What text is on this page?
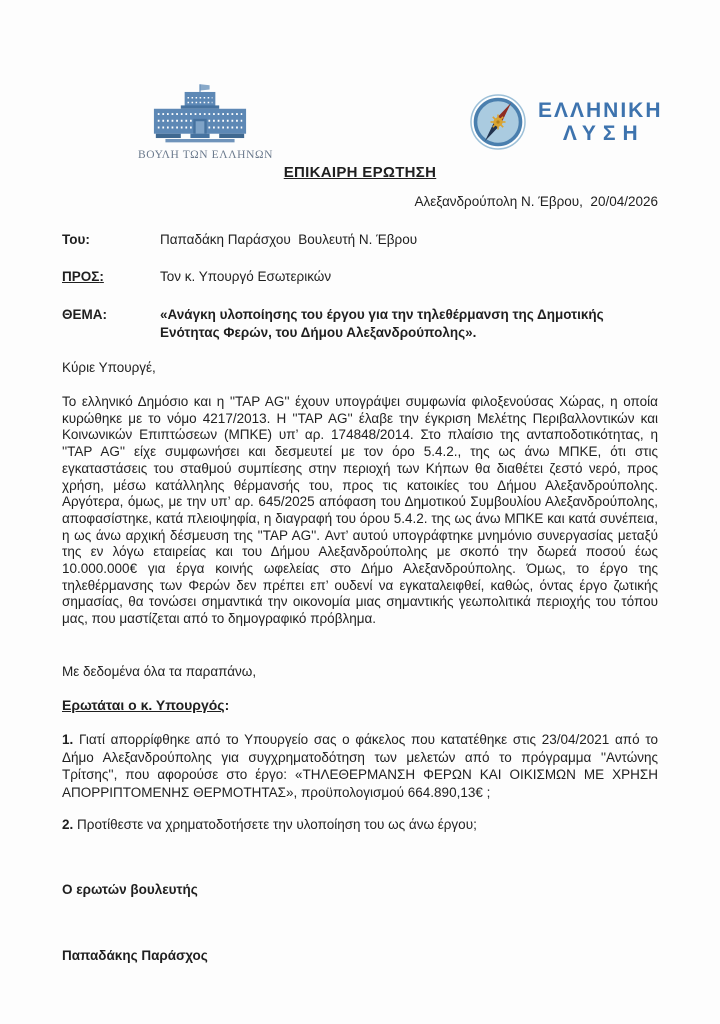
ΒΟΥΛΗ ΤΩΝ ΕΛΛΗΝΩΝ
ΕΛΛΗΝΙΚΗ
ΛΥΣΗ
ΕΠΙΚΑΙΡΗ ΕΡΩΤΗΣΗ
Αλεξανδρούπολη Ν. Έβρου,  20/04/2026
Του:	Παπαδάκη Παράσχου  Βουλευτή Ν. Έβρου
ΠΡΟΣ:	Τον κ. Υπουργό Εσωτερικών
ΘΕΜΑ:	«Ανάγκη υλοποίησης του έργου για την τηλεθέρμανση της Δημοτικής Ενότητας Φερών, του Δήμου Αλεξανδρούπολης».
Κύριε Υπουργέ,

Το ελληνικό Δημόσιο και η ''TAP AG'' έχουν υπογράψει συμφωνία φιλοξενούσας Χώρας, η οποία κυρώθηκε με το νόμο 4217/2013. Η ''TAP AG'' έλαβε την έγκριση Μελέτης Περιβαλλοντικών και Κοινωνικών Επιπτώσεων (ΜΠΚΕ) υπ’ αρ. 174848/2014. Στο πλαίσιο της ανταποδοτικότητας, η ''TAP AG'' είχε συμφωνήσει και δεσμευτεί με τον όρο 5.4.2., της ως άνω ΜΠΚΕ, ότι στις εγκαταστάσεις του σταθμού συμπίεσης στην περιοχή των Κήπων θα διαθέτει ζεστό νερό, προς χρήση, μέσω κατάλληλης θέρμανσής του, προς τις κατοικίες του Δήμου Αλεξανδρούπολης. Αργότερα, όμως, με την υπ’ αρ. 645/2025 απόφαση του Δημοτικού Συμβουλίου Αλεξανδρούπολης, αποφασίστηκε, κατά πλειοψηφία, η διαγραφή του όρου 5.4.2. της ως άνω ΜΠΚΕ και κατά συνέπεια, η ως άνω αρχική δέσμευση της ''TAP AG''. Αντ’ αυτού υπογράφτηκε μνημόνιο συνεργασίας μεταξύ της εν λόγω εταιρείας και του Δήμου Αλεξανδρούπολης με σκοπό την δωρεά ποσού έως 10.000.000€ για έργα κοινής ωφελείας στο Δήμο Αλεξανδρούπολης. Όμως, το έργο της τηλεθέρμανσης των Φερών δεν πρέπει επ’ ουδενί να εγκαταλειφθεί, καθώς, όντας έργο ζωτικής σημασίας, θα τονώσει σημαντικά την οικονομία μιας σημαντικής γεωπολιτικά περιοχής του τόπου μας, που μαστίζεται από το δημογραφικό πρόβλημα.

Με δεδομένα όλα τα παραπάνω,
Ερωτάται ο κ. Υπουργός:

1. Γιατί απορρίφθηκε από το Υπουργείο σας ο φάκελος που κατατέθηκε στις 23/04/2021 από το Δήμο Αλεξανδρούπολης για συγχρηματοδότηση των μελετών από το πρόγραμμα ''Αντώνης Τρίτσης'', που αφορούσε στο έργο: «ΤΗΛΕΘΕΡΜΑΝΣΗ ΦΕΡΩΝ ΚΑΙ ΟΙΚΙΣΜΩΝ ΜΕ ΧΡΗΣΗ ΑΠΟΡΡΙΠΤΟΜΕΝΗΣ ΘΕΡΜΟΤΗΤΑΣ», προϋπολογισμού 664.890,13€ ;

2. Προτίθεστε να χρηματοδοτήσετε την υλοποίηση του ως άνω έργου;

Ο ερωτών βουλευτής
Παπαδάκης Παράσχος
